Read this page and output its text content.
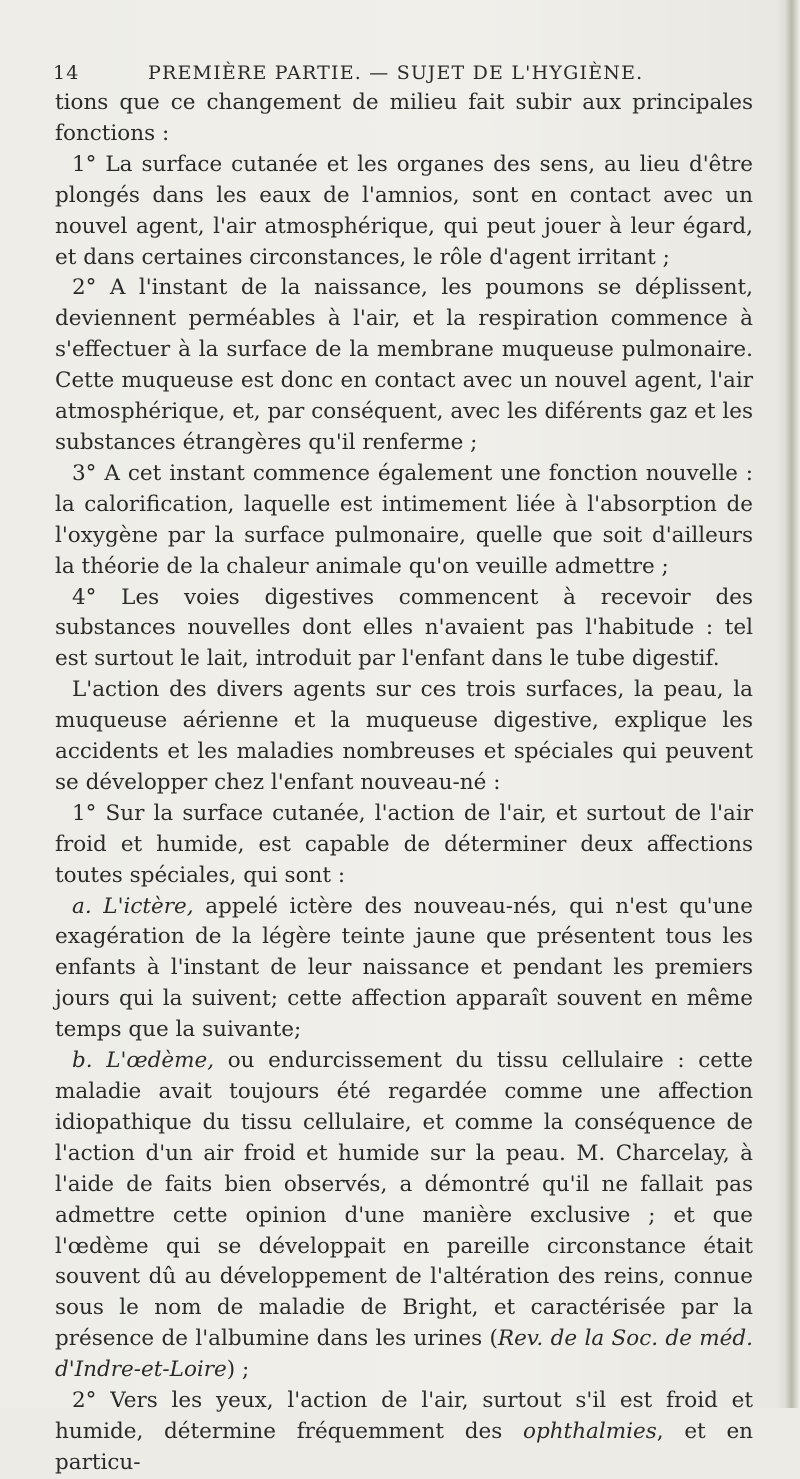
14	PREMIÈRE PARTIE. — SUJET DE L'HYGIÈNE.

tions que ce changement de milieu fait subir aux principales fonctions :

1° La surface cutanée et les organes des sens, au lieu d'être plongés dans les eaux de l'amnios, sont en contact avec un nouvel agent, l'air atmosphérique, qui peut jouer à leur égard, et dans certaines circonstances, le rôle d'agent irritant ;

2° A l'instant de la naissance, les poumons se déplissent, deviennent perméables à l'air, et la respiration commence à s'effectuer à la surface de la membrane muqueuse pulmonaire. Cette muqueuse est donc en contact avec un nouvel agent, l'air atmosphérique, et, par conséquent, avec les diférents gaz et les substances étrangères qu'il renferme ;

3° A cet instant commence également une fonction nouvelle : la calorification, laquelle est intimement liée à l'absorption de l'oxygène par la surface pulmonaire, quelle que soit d'ailleurs la théorie de la chaleur animale qu'on veuille admettre ;

4° Les voies digestives commencent à recevoir des substances nouvelles dont elles n'avaient pas l'habitude : tel est surtout le lait, introduit par l'enfant dans le tube digestif.

L'action des divers agents sur ces trois surfaces, la peau, la muqueuse aérienne et la muqueuse digestive, explique les accidents et les maladies nombreuses et spéciales qui peuvent se développer chez l'enfant nouveau-né :

1° Sur la surface cutanée, l'action de l'air, et surtout de l'air froid et humide, est capable de déterminer deux affections toutes spéciales, qui sont :

a. L'ictère, appelé ictère des nouveau-nés, qui n'est qu'une exagération de la légère teinte jaune que présentent tous les enfants à l'instant de leur naissance et pendant les premiers jours qui la suivent; cette affection apparaît souvent en même temps que la suivante;

b. L'œdème, ou endurcissement du tissu cellulaire : cette maladie avait toujours été regardée comme une affection idiopathique du tissu cellulaire, et comme la conséquence de l'action d'un air froid et humide sur la peau. M. Charcelay, à l'aide de faits bien observés, a démontré qu'il ne fallait pas admettre cette opinion d'une manière exclusive ; et que l'œdème qui se développait en pareille circonstance était souvent dû au développement de l'altération des reins, connue sous le nom de maladie de Bright, et caractérisée par la présence de l'albumine dans les urines (Rev. de la Soc. de méd. d'Indre-et-Loire) ;

2° Vers les yeux, l'action de l'air, surtout s'il est froid et humide, détermine fréquemment des ophthalmies, et en particu-
